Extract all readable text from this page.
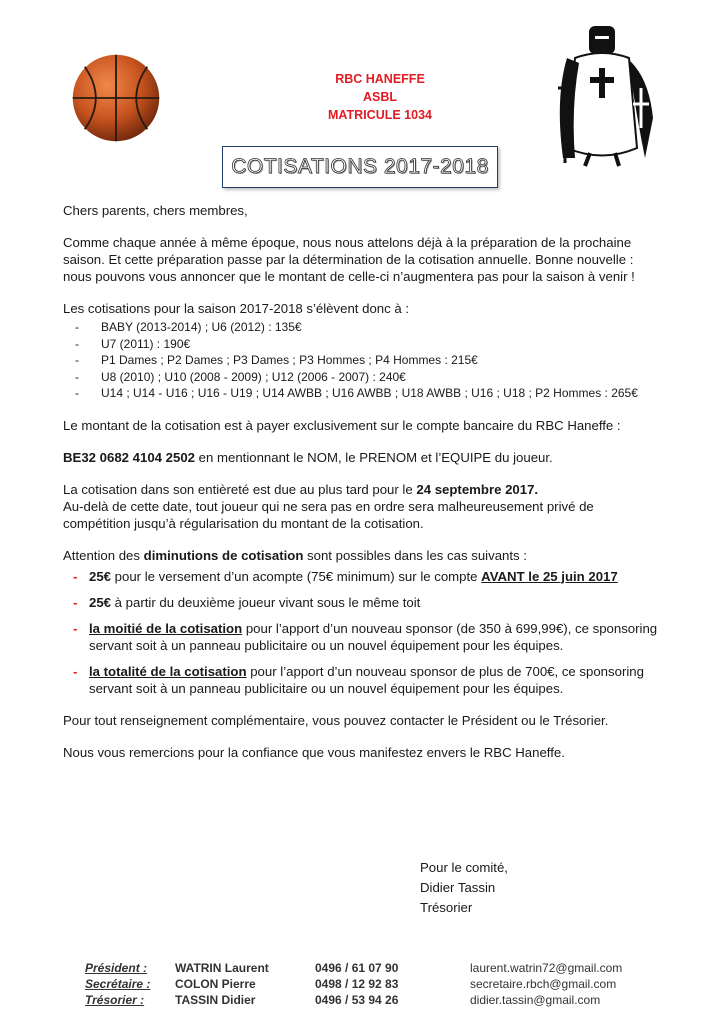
RBC HANEFFE
ASBL
MATRICULE 1034
COTISATIONS 2017-2018

Chers parents, chers membres,

Comme chaque année à même époque, nous nous attelons déjà à la préparation de la prochaine saison. Et cette préparation passe par la détermination de la cotisation annuelle. Bonne nouvelle : nous pouvons vous annoncer que le montant de celle-ci n’augmentera pas pour la saison à venir !

Les cotisations pour la saison 2017-2018 s’élèvent donc à :

- BABY (2013-2014) ; U6 (2012) : 135€
- U7 (2011) : 190€
- P1 Dames ; P2 Dames ; P3 Dames ; P3 Hommes ; P4 Hommes : 215€
- U8 (2010) ; U10 (2008 - 2009) ; U12 (2006 - 2007) : 240€
- U14 ; U14 - U16 ; U16 - U19 ; U14 AWBB ; U16 AWBB ; U18 AWBB ; U16 ; U18 ; P2 Hommes : 265€

Le montant de la cotisation est à payer exclusivement sur le compte bancaire du RBC Haneffe :

BE32 0682 4104 2502 en mentionnant le NOM, le PRENOM et l’EQUIPE du joueur.

La cotisation dans son entièreté est due au plus tard pour le 24 septembre 2017.

Au-delà de cette date, tout joueur qui ne sera pas en ordre sera malheureusement privé de compétition jusqu’à régularisation du montant de la cotisation.

Attention des diminutions de cotisation sont possibles dans les cas suivants :

- 25€ pour le versement d’un acompte (75€ minimum) sur le compte AVANT le 25 juin 2017
- 25€ à partir du deuxième joueur vivant sous le même toit
- la moitié de la cotisation pour l’apport d’un nouveau sponsor (de 350 à 699,99€), ce sponsoring servant soit à un panneau publicitaire ou un nouvel équipement pour les équipes.
- la totalité de la cotisation pour l’apport d’un nouveau sponsor de plus de 700€, ce sponsoring servant soit à un panneau publicitaire ou un nouvel équipement pour les équipes.

Pour tout renseignement complémentaire, vous pouvez contacter le Président ou le Trésorier.

Nous vous remercions pour la confiance que vous manifestez envers le RBC Haneffe.

Pour le comité,
Didier Tassin
Trésorier
Président :	WATRIN Laurent	0496 / 61 07 90	laurent.watrin72@gmail.com
Secrétaire :	COLON Pierre	0498 / 12 92 83	secretaire.rbch@gmail.com
Trésorier :	TASSIN Didier	0496 / 53 94 26	didier.tassin@gmail.com
